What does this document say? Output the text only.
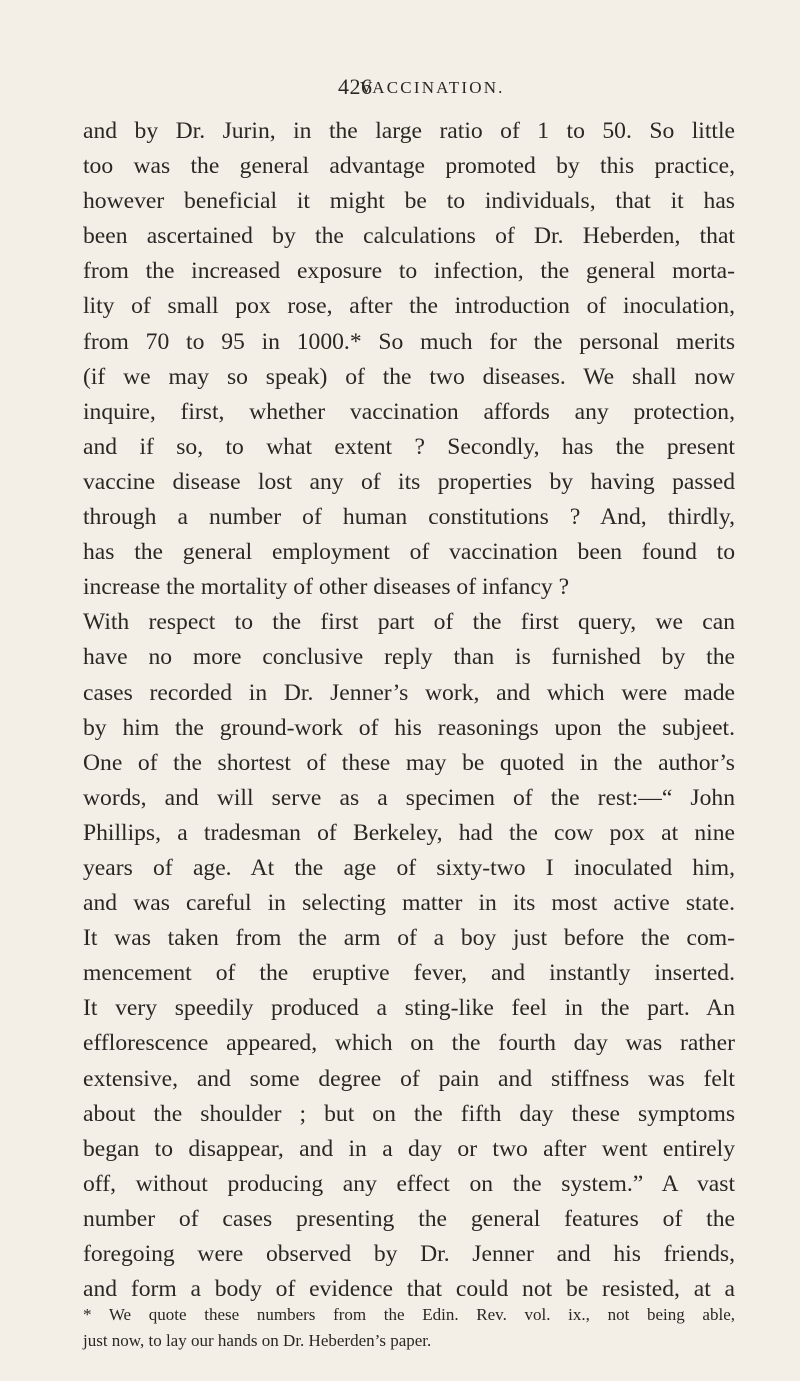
426
VACCINATION.
and by Dr. Jurin, in the large ratio of 1 to 50. So little
too was the general advantage promoted by this practice,
however beneficial it might be to individuals, that it has
been ascertained by the calculations of Dr. Heberden, that
from the increased exposure to infection, the general morta-
lity of small pox rose, after the introduction of inoculation,
from 70 to 95 in 1000.* So much for the personal merits
(if we may so speak) of the two diseases. We shall now
inquire, first, whether vaccination affords any protection,
and if so, to what extent ? Secondly, has the present
vaccine disease lost any of its properties by having passed
through a number of human constitutions ? And, thirdly,
has the general employment of vaccination been found to
increase the mortality of other diseases of infancy ?
With respect to the first part of the first query, we can
have no more conclusive reply than is furnished by the
cases recorded in Dr. Jenner’s work, and which were made
by him the ground-work of his reasonings upon the subjeet.
One of the shortest of these may be quoted in the author’s
words, and will serve as a specimen of the rest:—“ John
Phillips, a tradesman of Berkeley, had the cow pox at nine
years of age. At the age of sixty-two I inoculated him,
and was careful in selecting matter in its most active state.
It was taken from the arm of a boy just before the com-
mencement of the eruptive fever, and instantly inserted.
It very speedily produced a sting-like feel in the part. An
efflorescence appeared, which on the fourth day was rather
extensive, and some degree of pain and stiffness was felt
about the shoulder ; but on the fifth day these symptoms
began to disappear, and in a day or two after went entirely
off, without producing any effect on the system.” A vast
number of cases presenting the general features of the
foregoing were observed by Dr. Jenner and his friends,
and form a body of evidence that could not be resisted, at a
* We quote these numbers from the Edin. Rev. vol. ix., not being able,
just now, to lay our hands on Dr. Heberden’s paper.
